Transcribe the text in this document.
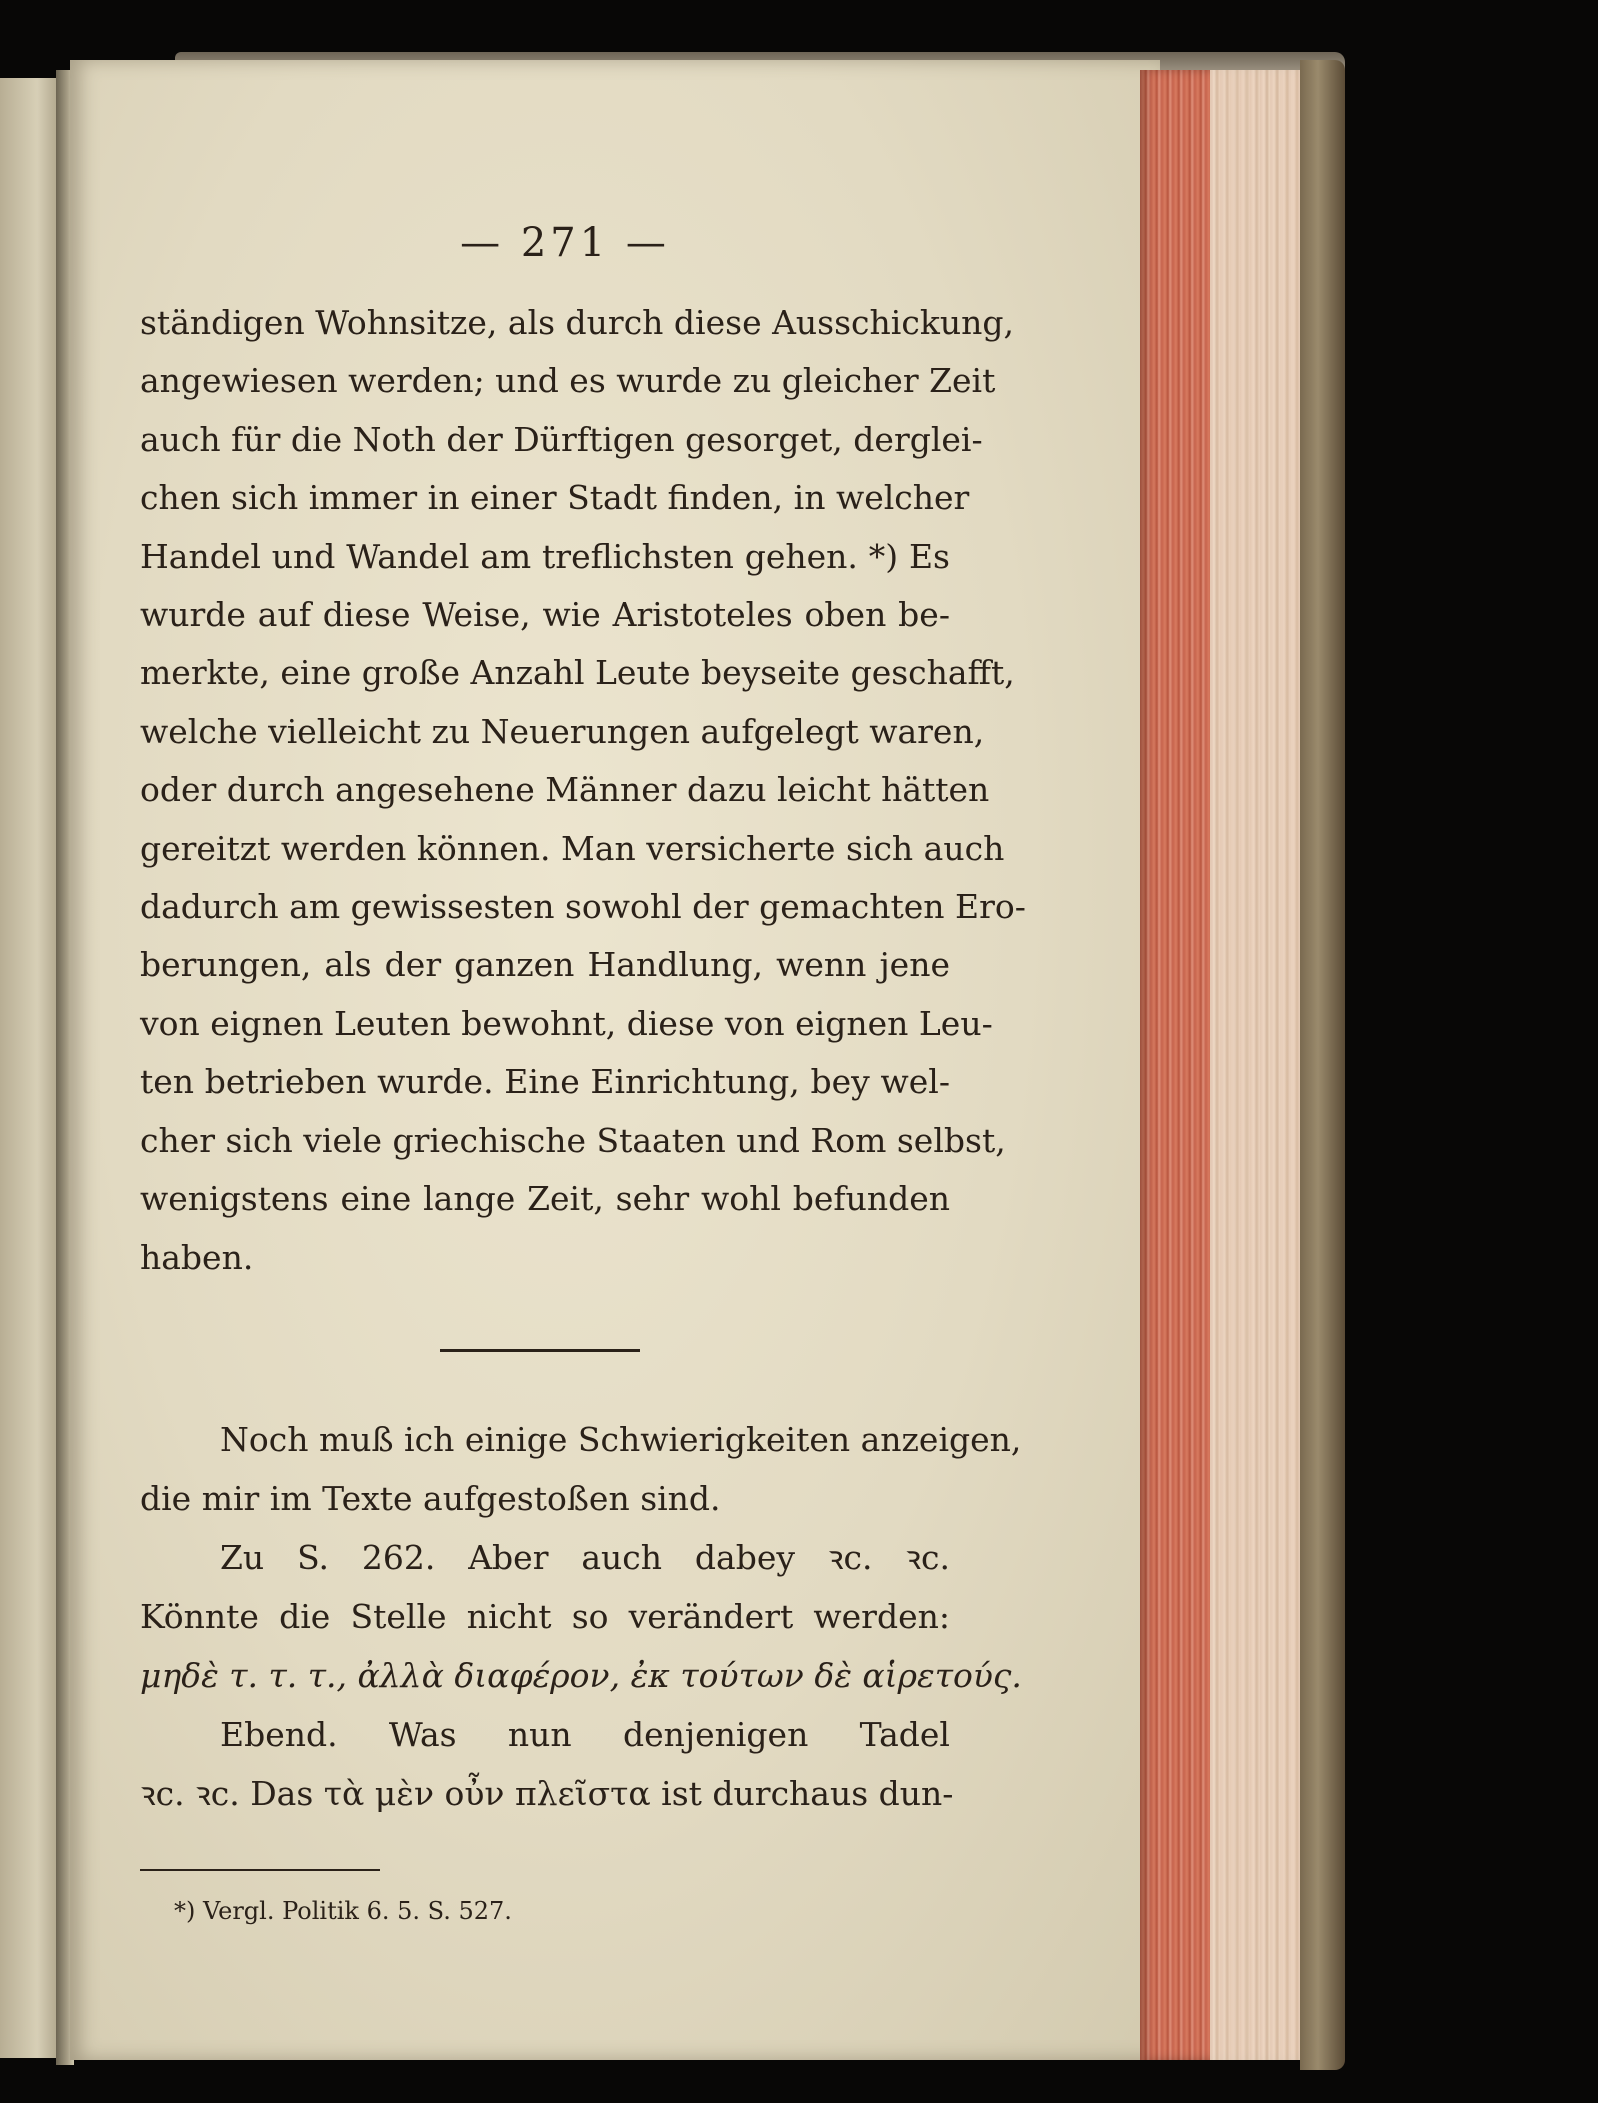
— 271 —
ständigen Wohnsitze, als durch diese Ausschickung,
angewiesen werden; und es wurde zu gleicher Zeit
auch für die Noth der Dürftigen gesorget, derglei-
chen sich immer in einer Stadt finden, in welcher
Handel und Wandel am treflichsten gehen. *) Es
wurde auf diese Weise, wie Aristoteles oben be-
merkte, eine große Anzahl Leute beyseite geschafft,
welche vielleicht zu Neuerungen aufgelegt waren,
oder durch angesehene Männer dazu leicht hätten
gereitzt werden können. Man versicherte sich auch
dadurch am gewissesten sowohl der gemachten Ero-
berungen, als der ganzen Handlung, wenn jene
von eignen Leuten bewohnt, diese von eignen Leu-
ten betrieben wurde. Eine Einrichtung, bey wel-
cher sich viele griechische Staaten und Rom selbst,
wenigstens eine lange Zeit, sehr wohl befunden
haben.
Noch muß ich einige Schwierigkeiten anzeigen,
die mir im Texte aufgestoßen sind.
Zu S. 262. Aber auch dabey ꝛc. ꝛc.
Könnte die Stelle nicht so verändert werden:
μηδὲ τ. τ. τ., ἀλλὰ διαφέρον, ἐκ τούτων δὲ αἱρετούς.
Ebend. Was nun denjenigen Tadel
ꝛc. ꝛc. Das τὰ μὲν οὖν πλεῖστα ist durchaus dun-
*) Vergl. Politik 6. 5. S. 527.
